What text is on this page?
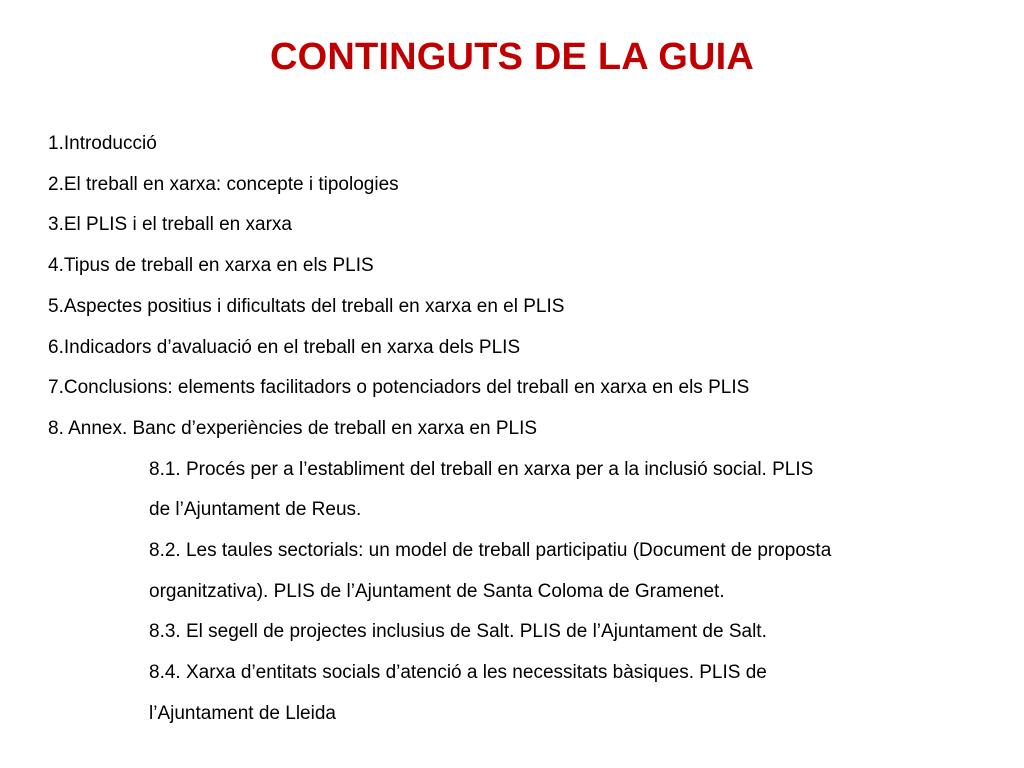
CONTINGUTS DE LA GUIA
1.Introducció
2.El treball en xarxa: concepte i tipologies
3.El PLIS i el treball en xarxa
4.Tipus de treball en xarxa en els PLIS
5.Aspectes positius i dificultats del treball en xarxa en el PLIS
6.Indicadors d’avaluació en el treball en xarxa dels PLIS
7.Conclusions: elements facilitadors o potenciadors del treball en xarxa en els PLIS
8. Annex. Banc d’experiències de treball en xarxa en PLIS
8.1. Procés per a l’establiment del treball en xarxa per a la inclusió social. PLIS
de l’Ajuntament de Reus.
8.2. Les taules sectorials: un model de treball participatiu (Document de proposta
organitzativa). PLIS de l’Ajuntament de Santa Coloma de Gramenet.
8.3. El segell de projectes inclusius de Salt. PLIS de l’Ajuntament de Salt.
8.4. Xarxa d’entitats socials d’atenció a les necessitats bàsiques. PLIS de
l’Ajuntament de Lleida
